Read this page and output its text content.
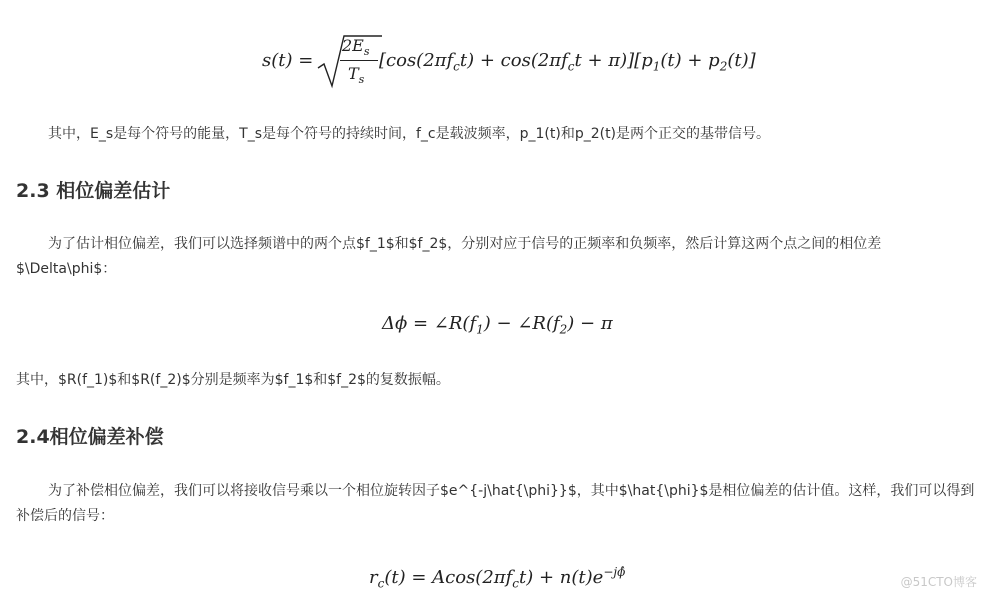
s(t) =
$2E_s$
$T_s$
$[\cos(2\pi f_ct) + \cos(2\pi f_ct + \pi)][p_1(t) + p_2(t)]$
其中，E_s是每个符号的能量，T_s是每个符号的持续时间，f_c是载波频率，p_1(t)和p_2(t)是两个正交的基带信号。
2.3 相位偏差估计
为了估计相位偏差，我们可以选择频谱中的两个点$f_1$和$f_2$，分别对应于信号的正频率和负频率，然后计算这两个点之间的相位差$\Delta\phi$：
$\Delta\phi = \angle R(f_1)$ − $\angle R(f_2) - \pi$
其中，$R(f_1)$和$R(f_2)$分别是频率为$f_1$和$f_2$的复数振幅。
2.4相位偏差补偿
为了补偿相位偏差，我们可以将接收信号乘以一个相位旋转因子$e^{-j\hat{\phi}}$，其中$\hat{\phi}$是相位偏差的估计值。这样，我们可以得到补偿后的信号：
$r_c(t) = Acos(2\pi f_ct) + n(t)e^{-j\phî}$
@51CTO博客
